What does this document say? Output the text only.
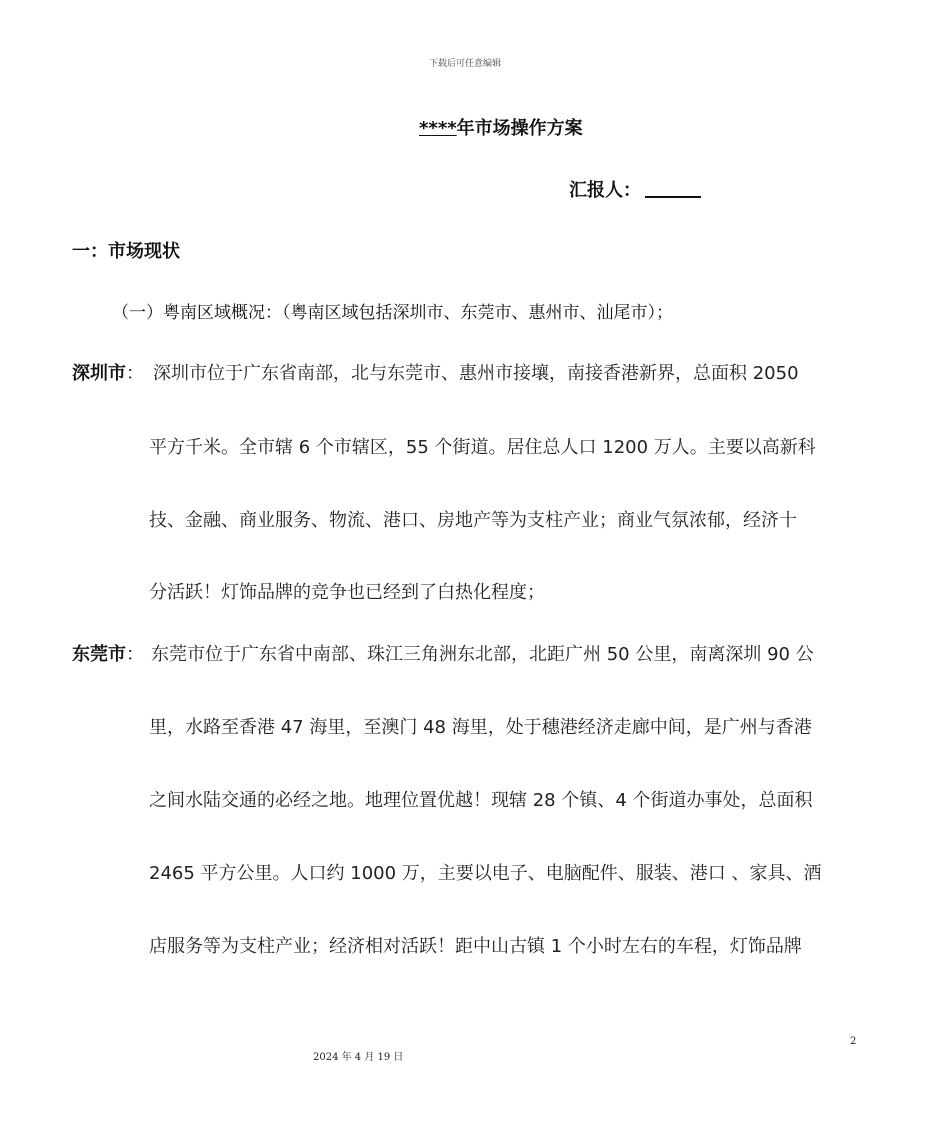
下载后可任意编辑
****年市场操作方案
汇报人：
一：市场现状
（一）粤南区域概况：（粤南区域包括深圳市、东莞市、惠州市、汕尾市）；
深圳市： 深圳市位于广东省南部，北与东莞市、惠州市接壤，南接香港新界，总面积 2050
平方千米。全市辖 6 个市辖区，55 个街道。居住总人口 1200 万人。主要以高新科
技、金融、商业服务、物流、港口、房地产等为支柱产业；商业气氛浓郁，经济十
分活跃！灯饰品牌的竞争也已经到了白热化程度；
东莞市： 东莞市位于广东省中南部、珠江三角洲东北部，北距广州 50 公里，南离深圳 90 公
里，水路至香港 47 海里，至澳门 48 海里，处于穗港经济走廊中间，是广州与香港
之间水陆交通的必经之地。地理位置优越！现辖 28 个镇、4 个街道办事处，总面积
2465 平方公里。人口约 1000 万，主要以电子、电脑配件、服装、港口 、家具、酒
店服务等为支柱产业；经济相对活跃！距中山古镇 1 个小时左右的车程，灯饰品牌
2
2024 年 4 月 19 日
